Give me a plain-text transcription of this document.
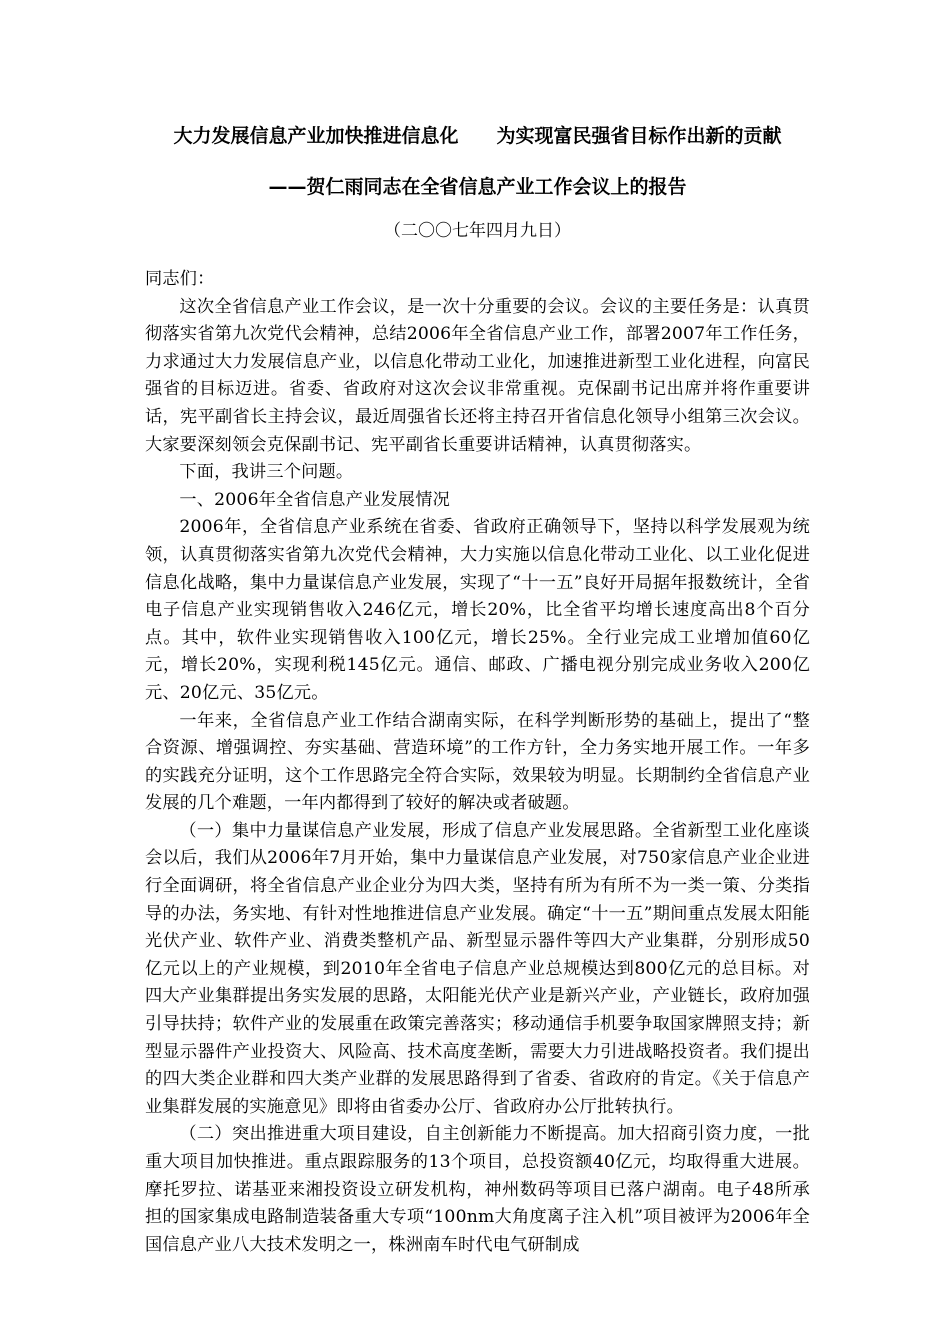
大力发展信息产业加快推进信息化　　为实现富民强省目标作出新的贡献
——贺仁雨同志在全省信息产业工作会议上的报告
（二〇〇七年四月九日）

同志们：

这次全省信息产业工作会议，是一次十分重要的会议。会议的主要任务是：认真贯彻落实省第九次党代会精神，总结2006年全省信息产业工作，部署2007年工作任务，力求通过大力发展信息产业，以信息化带动工业化，加速推进新型工业化进程，向富民强省的目标迈进。省委、省政府对这次会议非常重视。克保副书记出席并将作重要讲话，宪平副省长主持会议，最近周强省长还将主持召开省信息化领导小组第三次会议。大家要深刻领会克保副书记、宪平副省长重要讲话精神，认真贯彻落实。

下面，我讲三个问题。

一、2006年全省信息产业发展情况

2006年，全省信息产业系统在省委、省政府正确领导下，坚持以科学发展观为统领，认真贯彻落实省第九次党代会精神，大力实施以信息化带动工业化、以工业化促进信息化战略，集中力量谋信息产业发展，实现了“十一五”良好开局据年报数统计，全省电子信息产业实现销售收入246亿元，增长20%，比全省平均增长速度高出8个百分点。其中，软件业实现销售收入100亿元，增长25%。全行业完成工业增加值60亿元，增长20%，实现利税145亿元。通信、邮政、广播电视分别完成业务收入200亿元、20亿元、35亿元。

一年来，全省信息产业工作结合湖南实际，在科学判断形势的基础上，提出了“整合资源、增强调控、夯实基础、营造环境”的工作方针，全力务实地开展工作。一年多的实践充分证明，这个工作思路完全符合实际，效果较为明显。长期制约全省信息产业发展的几个难题，一年内都得到了较好的解决或者破题。

（一）集中力量谋信息产业发展，形成了信息产业发展思路。全省新型工业化座谈会以后，我们从2006年7月开始，集中力量谋信息产业发展，对750家信息产业企业进行全面调研，将全省信息产业企业分为四大类，坚持有所为有所不为一类一策、分类指导的办法，务实地、有针对性地推进信息产业发展。确定“十一五”期间重点发展太阳能光伏产业、软件产业、消费类整机产品、新型显示器件等四大产业集群，分别形成50亿元以上的产业规模，到2010年全省电子信息产业总规模达到800亿元的总目标。对四大产业集群提出务实发展的思路，太阳能光伏产业是新兴产业，产业链长，政府加强引导扶持；软件产业的发展重在政策完善落实；移动通信手机要争取国家牌照支持；新型显示器件产业投资大、风险高、技术高度垄断，需要大力引进战略投资者。我们提出的四大类企业群和四大类产业群的发展思路得到了省委、省政府的肯定。《关于信息产业集群发展的实施意见》即将由省委办公厅、省政府办公厅批转执行。

（二）突出推进重大项目建设，自主创新能力不断提高。加大招商引资力度，一批重大项目加快推进。重点跟踪服务的13个项目，总投资额40亿元，均取得重大进展。摩托罗拉、诺基亚来湘投资设立研发机构，神州数码等项目已落户湖南。电子48所承担的国家集成电路制造装备重大专项“100nm大角度离子注入机”项目被评为2006年全国信息产业八大技术发明之一，株洲南车时代电气研制成
